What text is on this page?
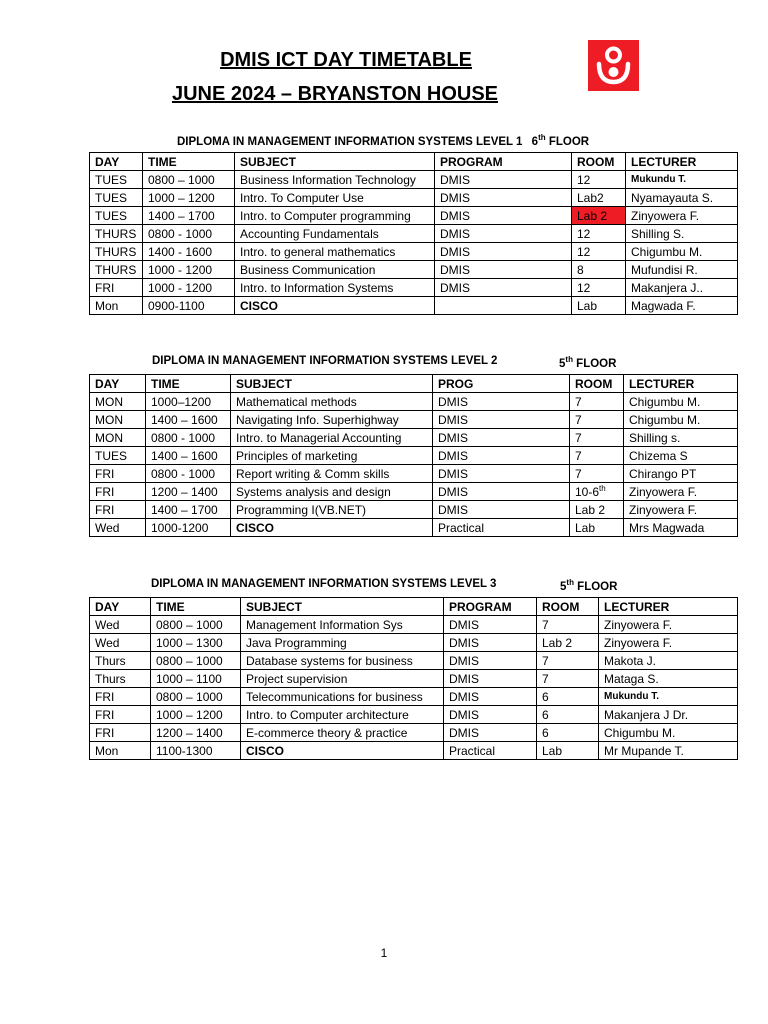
DMIS ICT DAY TIMETABLE
JUNE 2024 – BRYANSTON HOUSE
DIPLOMA IN MANAGEMENT INFORMATION SYSTEMS LEVEL 1 6th FLOOR
DAY	TIME	SUBJECT	PROGRAM	ROOM	LECTURER
TUES	0800 – 1000	Business Information Technology	DMIS	12	Mukundu T.
TUES	1000 – 1200	Intro. To Computer Use	DMIS	Lab2	Nyamayauta S.
TUES	1400 – 1700	Intro. to Computer programming	DMIS	Lab 2	Zinyowera F.
THURS	0800 - 1000	Accounting Fundamentals	DMIS	12	Shilling S.
THURS	1400 - 1600	Intro. to general mathematics	DMIS	12	Chigumbu M.
THURS	1000 - 1200	Business Communication	DMIS	8	Mufundisi R.
FRI	1000 - 1200	Intro. to Information Systems	DMIS	12	Makanjera J..
Mon	0900-1100	CISCO		Lab	Magwada F.
DIPLOMA IN MANAGEMENT INFORMATION SYSTEMS LEVEL 2	5th FLOOR
DAY	TIME	SUBJECT	PROG	ROOM	LECTURER
MON	1000–1200	Mathematical methods	DMIS	7	Chigumbu M.
MON	1400 – 1600	Navigating Info. Superhighway	DMIS	7	Chigumbu M.
MON	0800 - 1000	Intro. to Managerial Accounting	DMIS	7	Shilling s.
TUES	1400 – 1600	Principles of marketing	DMIS	7	Chizema S
FRI	0800 - 1000	Report writing & Comm skills	DMIS	7	Chirango PT
FRI	1200 – 1400	Systems analysis and design	DMIS	10-6th	Zinyowera F.
FRI	1400 – 1700	Programming I(VB.NET)	DMIS	Lab 2	Zinyowera F.
Wed	1000-1200	CISCO	Practical	Lab	Mrs Magwada
DIPLOMA IN MANAGEMENT INFORMATION SYSTEMS LEVEL 3	5th FLOOR
DAY	TIME	SUBJECT	PROGRAM	ROOM	LECTURER
Wed	0800 – 1000	Management Information Sys	DMIS	7	Zinyowera F.
Wed	1000 – 1300	Java Programming	DMIS	Lab 2	Zinyowera F.
Thurs	0800 – 1000	Database systems for business	DMIS	7	Makota J.
Thurs	1000 – 1100	Project supervision	DMIS	7	Mataga S.
FRI	0800 – 1000	Telecommunications for business	DMIS	6	Mukundu T.
FRI	1000 – 1200	Intro. to Computer architecture	DMIS	6	Makanjera J Dr.
FRI	1200 – 1400	E-commerce theory & practice	DMIS	6	Chigumbu M.
Mon	1100-1300	CISCO	Practical	Lab	Mr Mupande T.
1
